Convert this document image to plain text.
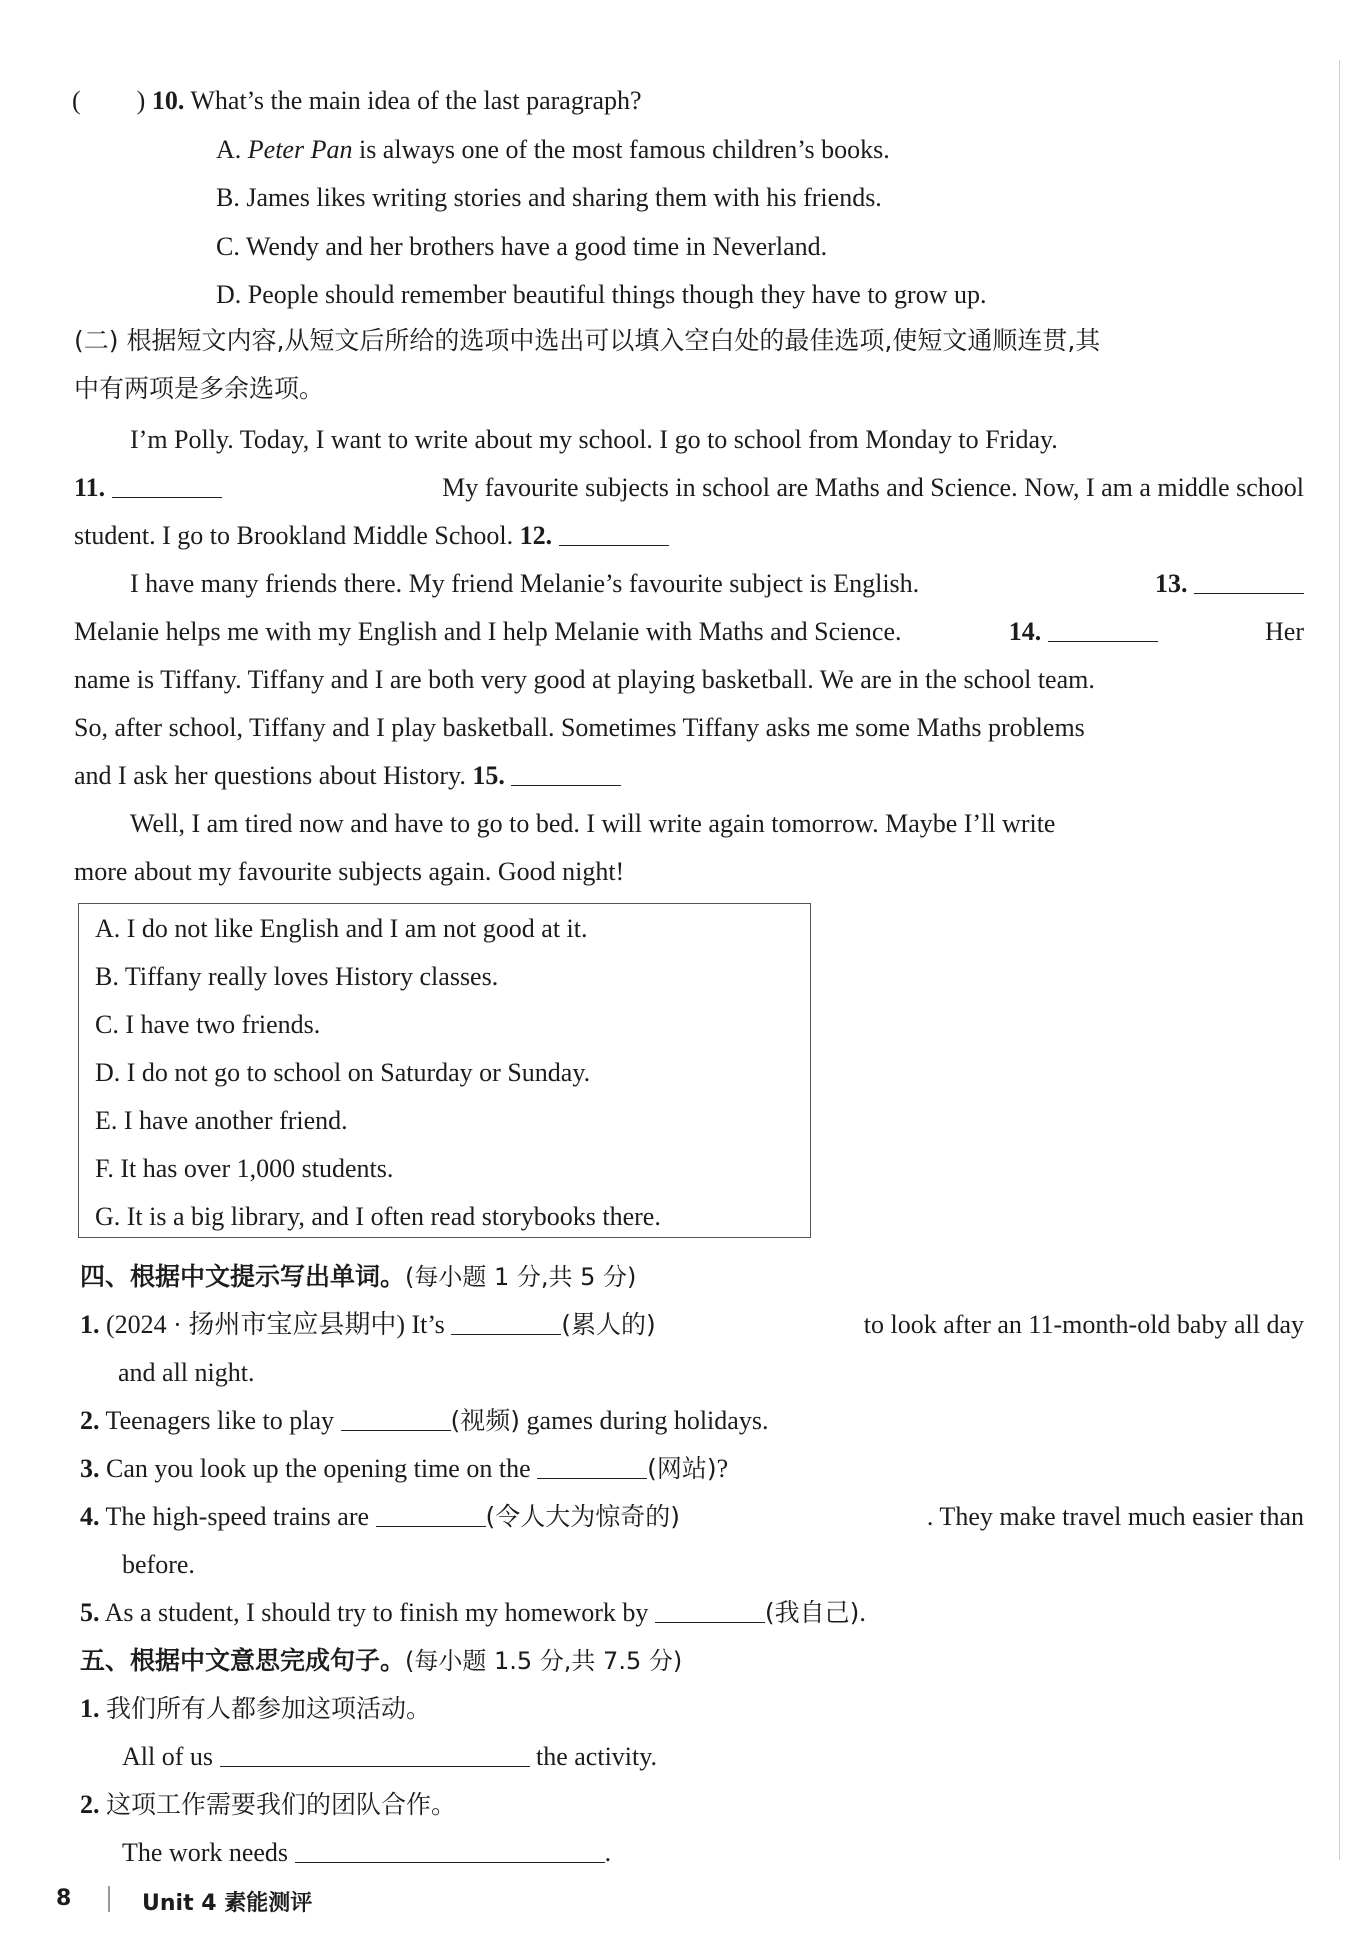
( ) 10. What’s the main idea of the last paragraph?
A. Peter Pan is always one of the most famous children’s books.
B. James likes writing stories and sharing them with his friends.
C. Wendy and her brothers have a good time in Neverland.
D. People should remember beautiful things though they have to grow up.
(二) 根据短文内容,从短文后所给的选项中选出可以填入空白处的最佳选项,使短文通顺连贯,其
中有两项是多余选项。
I’m Polly. Today, I want to write about my school. I go to school from Monday to Friday.
11.	My favourite subjects in school are Maths and Science. Now, I am a middle school
student. I go to Brookland Middle School. 12.
I have many friends there. My friend Melanie’s favourite subject is English.	13.
Melanie helps me with my English and I help Melanie with Maths and Science.	14.	Her
name is Tiffany. Tiffany and I are both very good at playing basketball. We are in the school team.
So, after school, Tiffany and I play basketball. Sometimes Tiffany asks me some Maths problems
and I ask her questions about History. 15.
Well, I am tired now and have to go to bed. I will write again tomorrow. Maybe I’ll write
more about my favourite subjects again. Good night!
A. I do not like English and I am not good at it.
B. Tiffany really loves History classes.
C. I have two friends.
D. I do not go to school on Saturday or Sunday.
E. I have another friend.
F. It has over 1,000 students.
G. It is a big library, and I often read storybooks there.
四、根据中文提示写出单词。(每小题 1 分,共 5 分)
1. (2024 · 扬州市宝应县期中) It’s	(累人的)	to look after an 11-month-old baby all day
and all night.
2. Teenagers like to play	(视频) games during holidays.
3. Can you look up the opening time on the	(网站)?
4. The high-speed trains are	(令人大为惊奇的)	. They make travel much easier than
before.
5. As a student, I should try to finish my homework by	(我自己).
五、根据中文意思完成句子。(每小题 1.5 分,共 7.5 分)
1. 我们所有人都参加这项活动。
All of us	the activity.
2. 这项工作需要我们的团队合作。
The work needs	.
8	Unit 4 素能测评
